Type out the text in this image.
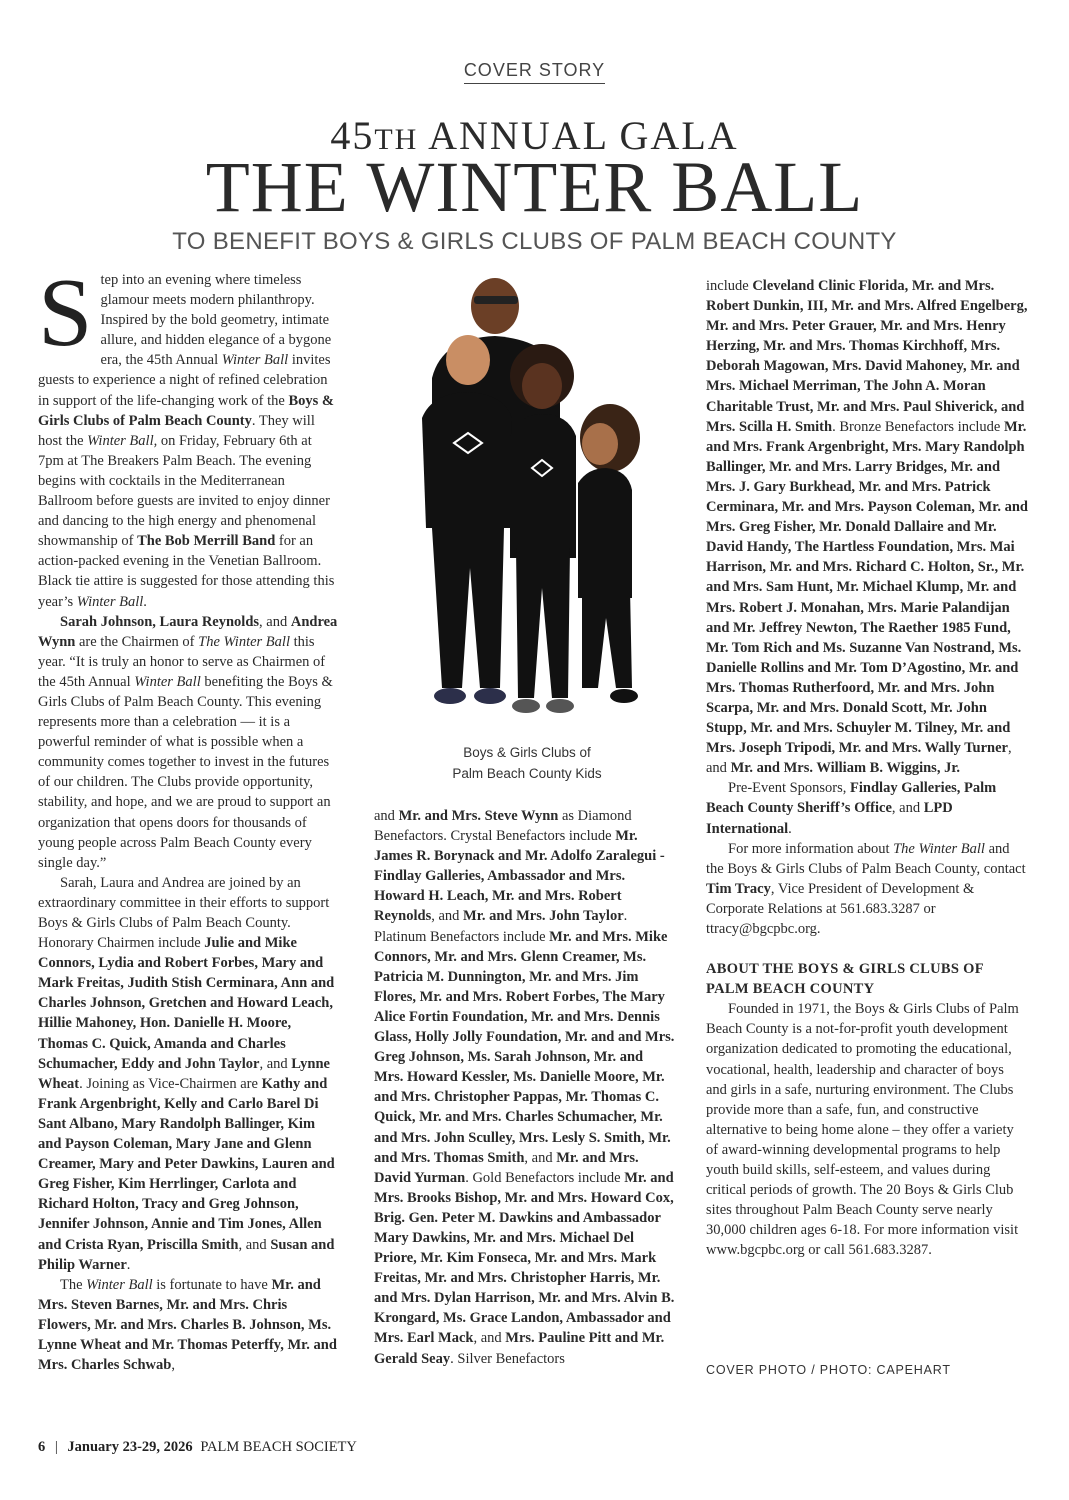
COVER STORY
45TH ANNUAL GALA
THE WINTER BALL
TO BENEFIT BOYS & GIRLS CLUBS OF PALM BEACH COUNTY

Step into an evening where timeless glamour meets modern philanthropy. Inspired by the bold geometry, intimate allure, and hidden elegance of a bygone era, the 45th Annual Winter Ball invites guests to experience a night of refined celebration in support of the life-changing work of the Boys & Girls Clubs of Palm Beach County. They will host the Winter Ball, on Friday, February 6th at 7pm at The Breakers Palm Beach. The evening begins with cocktails in the Mediterranean Ballroom before guests are invited to enjoy dinner and dancing to the high energy and phenomenal showmanship of The Bob Merrill Band for an action-packed evening in the Venetian Ballroom. Black tie attire is suggested for those attending this year’s Winter Ball.

Sarah Johnson, Laura Reynolds, and Andrea Wynn are the Chairmen of The Winter Ball this year. “It is truly an honor to serve as Chairmen of the 45th Annual Winter Ball benefiting the Boys & Girls Clubs of Palm Beach County. This evening represents more than a celebration — it is a powerful reminder of what is possible when a community comes together to invest in the futures of our children. The Clubs provide opportunity, stability, and hope, and we are proud to support an organization that opens doors for thousands of young people across Palm Beach County every single day.”

Sarah, Laura and Andrea are joined by an extraordinary committee in their efforts to support Boys & Girls Clubs of Palm Beach County. Honorary Chairmen include Julie and Mike Connors, Lydia and Robert Forbes, Mary and Mark Freitas, Judith Stish Cerminara, Ann and Charles Johnson, Gretchen and Howard Leach, Hillie Mahoney, Hon. Danielle H. Moore, Thomas C. Quick, Amanda and Charles Schumacher, Eddy and John Taylor, and Lynne Wheat. Joining as Vice-Chairmen are Kathy and Frank Argenbright, Kelly and Carlo Barel Di Sant Albano, Mary Randolph Ballinger, Kim and Payson Coleman, Mary Jane and Glenn Creamer, Mary and Peter Dawkins, Lauren and Greg Fisher, Kim Herrlinger, Carlota and Richard Holton, Tracy and Greg Johnson, Jennifer Johnson, Annie and Tim Jones, Allen and Crista Ryan, Priscilla Smith, and Susan and Philip Warner.

The Winter Ball is fortunate to have Mr. and Mrs. Steven Barnes, Mr. and Mrs. Chris Flowers, Mr. and Mrs. Charles B. Johnson, Ms. Lynne Wheat and Mr. Thomas Peterffy, Mr. and Mrs. Charles Schwab,

Boys & Girls Clubs of
Palm Beach County Kids

and Mr. and Mrs. Steve Wynn as Diamond Benefactors. Crystal Benefactors include Mr. James R. Borynack and Mr. Adolfo Zaralegui - Findlay Galleries, Ambassador and Mrs. Howard H. Leach, Mr. and Mrs. Robert Reynolds, and Mr. and Mrs. John Taylor. Platinum Benefactors include Mr. and Mrs. Mike Connors, Mr. and Mrs. Glenn Creamer, Ms. Patricia M. Dunnington, Mr. and Mrs. Jim Flores, Mr. and Mrs. Robert Forbes, The Mary Alice Fortin Foundation, Mr. and Mrs. Dennis Glass, Holly Jolly Foundation, Mr. and and Mrs. Greg Johnson, Ms. Sarah Johnson, Mr. and Mrs. Howard Kessler, Ms. Danielle Moore, Mr. and Mrs. Christopher Pappas, Mr. Thomas C. Quick, Mr. and Mrs. Charles Schumacher, Mr. and Mrs. John Sculley, Mrs. Lesly S. Smith, Mr. and Mrs. Thomas Smith, and Mr. and Mrs. David Yurman. Gold Benefactors include Mr. and Mrs. Brooks Bishop, Mr. and Mrs. Howard Cox, Brig. Gen. Peter M. Dawkins and Ambassador Mary Dawkins, Mr. and Mrs. Michael Del Priore, Mr. Kim Fonseca, Mr. and Mrs. Mark Freitas, Mr. and Mrs. Christopher Harris, Mr. and Mrs. Dylan Harrison, Mr. and Mrs. Alvin B. Krongard, Ms. Grace Landon, Ambassador and Mrs. Earl Mack, and Mrs. Pauline Pitt and Mr. Gerald Seay. Silver Benefactors

include Cleveland Clinic Florida, Mr. and Mrs. Robert Dunkin, III, Mr. and Mrs. Alfred Engelberg, Mr. and Mrs. Peter Grauer, Mr. and Mrs. Henry Herzing, Mr. and Mrs. Thomas Kirchhoff, Mrs. Deborah Magowan, Mrs. David Mahoney, Mr. and Mrs. Michael Merriman, The John A. Moran Charitable Trust, Mr. and Mrs. Paul Shiverick, and Mrs. Scilla H. Smith. Bronze Benefactors include Mr. and Mrs. Frank Argenbright, Mrs. Mary Randolph Ballinger, Mr. and Mrs. Larry Bridges, Mr. and Mrs. J. Gary Burkhead, Mr. and Mrs. Patrick Cerminara, Mr. and Mrs. Payson Coleman, Mr. and Mrs. Greg Fisher, Mr. Donald Dallaire and Mr. David Handy, The Hartless Foundation, Mrs. Mai Harrison, Mr. and Mrs. Richard C. Holton, Sr., Mr. and Mrs. Sam Hunt, Mr. Michael Klump, Mr. and Mrs. Robert J. Monahan, Mrs. Marie Palandijan and Mr. Jeffrey Newton, The Raether 1985 Fund, Mr. Tom Rich and Ms. Suzanne Van Nostrand, Ms. Danielle Rollins and Mr. Tom D’Agostino, Mr. and Mrs. Thomas Rutherfoord, Mr. and Mrs. John Scarpa, Mr. and Mrs. Donald Scott, Mr. John Stupp, Mr. and Mrs. Schuyler M. Tilney, Mr. and Mrs. Joseph Tripodi, Mr. and Mrs. Wally Turner, and Mr. and Mrs. William B. Wiggins, Jr.

Pre-Event Sponsors, Findlay Galleries, Palm Beach County Sheriff’s Office, and LPD International.

For more information about The Winter Ball and the Boys & Girls Clubs of Palm Beach County, contact Tim Tracy, Vice President of Development & Corporate Relations at 561.683.3287 or ttracy@bgcpbc.org.

ABOUT THE BOYS & GIRLS CLUBS OF PALM BEACH COUNTY

Founded in 1971, the Boys & Girls Clubs of Palm Beach County is a not-for-profit youth development organization dedicated to promoting the educational, vocational, health, leadership and character of boys and girls in a safe, nurturing environment. The Clubs provide more than a safe, fun, and constructive alternative to being home alone – they offer a variety of award-winning developmental programs to help youth build skills, self-esteem, and values during critical periods of growth. The 20 Boys & Girls Club sites throughout Palm Beach County serve nearly 30,000 children ages 6-18. For more information visit www.bgcpbc.org or call 561.683.3287.

COVER PHOTO / PHOTO: CAPEHART
6 | January 23-29, 2026 PALM BEACH SOCIETY
